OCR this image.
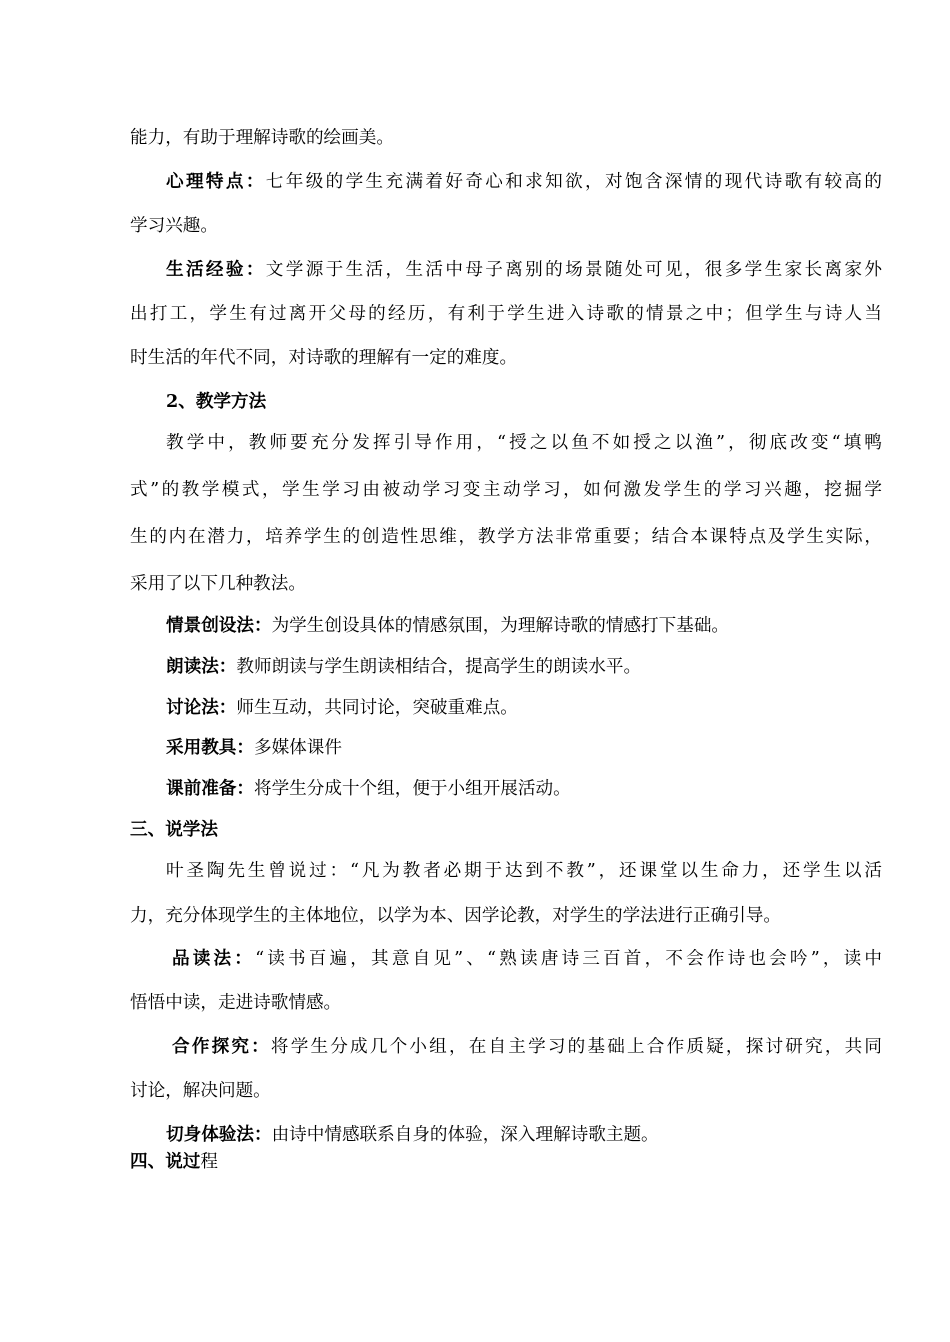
能力，有助于理解诗歌的绘画美。
心理特点：七年级的学生充满着好奇心和求知欲，对饱含深情的现代诗歌有较高的
学习兴趣。
生活经验：文学源于生活，生活中母子离别的场景随处可见，很多学生家长离家外
出打工，学生有过离开父母的经历，有利于学生进入诗歌的情景之中；但学生与诗人当
时生活的年代不同，对诗歌的理解有一定的难度。
2、教学方法
教学中，教师要充分发挥引导作用，“授之以鱼不如授之以渔”，彻底改变“填鸭
式”的教学模式，学生学习由被动学习变主动学习，如何激发学生的学习兴趣，挖掘学
生的内在潜力，培养学生的创造性思维，教学方法非常重要；结合本课特点及学生实际，
采用了以下几种教法。
情景创设法：为学生创设具体的情感氛围，为理解诗歌的情感打下基础。
朗读法：教师朗读与学生朗读相结合，提高学生的朗读水平。
讨论法：师生互动，共同讨论，突破重难点。
采用教具：多媒体课件
课前准备：将学生分成十个组，便于小组开展活动。
三、说学法
叶圣陶先生曾说过：“凡为教者必期于达到不教”，还课堂以生命力，还学生以活
力，充分体现学生的主体地位，以学为本、因学论教，对学生的学法进行正确引导。
品读法：“读书百遍，其意自见”、“熟读唐诗三百首，不会作诗也会吟”，读中
悟悟中读，走进诗歌情感。
合作探究：将学生分成几个小组，在自主学习的基础上合作质疑，探讨研究，共同
讨论，解决问题。
切身体验法：由诗中情感联系自身的体验，深入理解诗歌主题。
四、说过程
